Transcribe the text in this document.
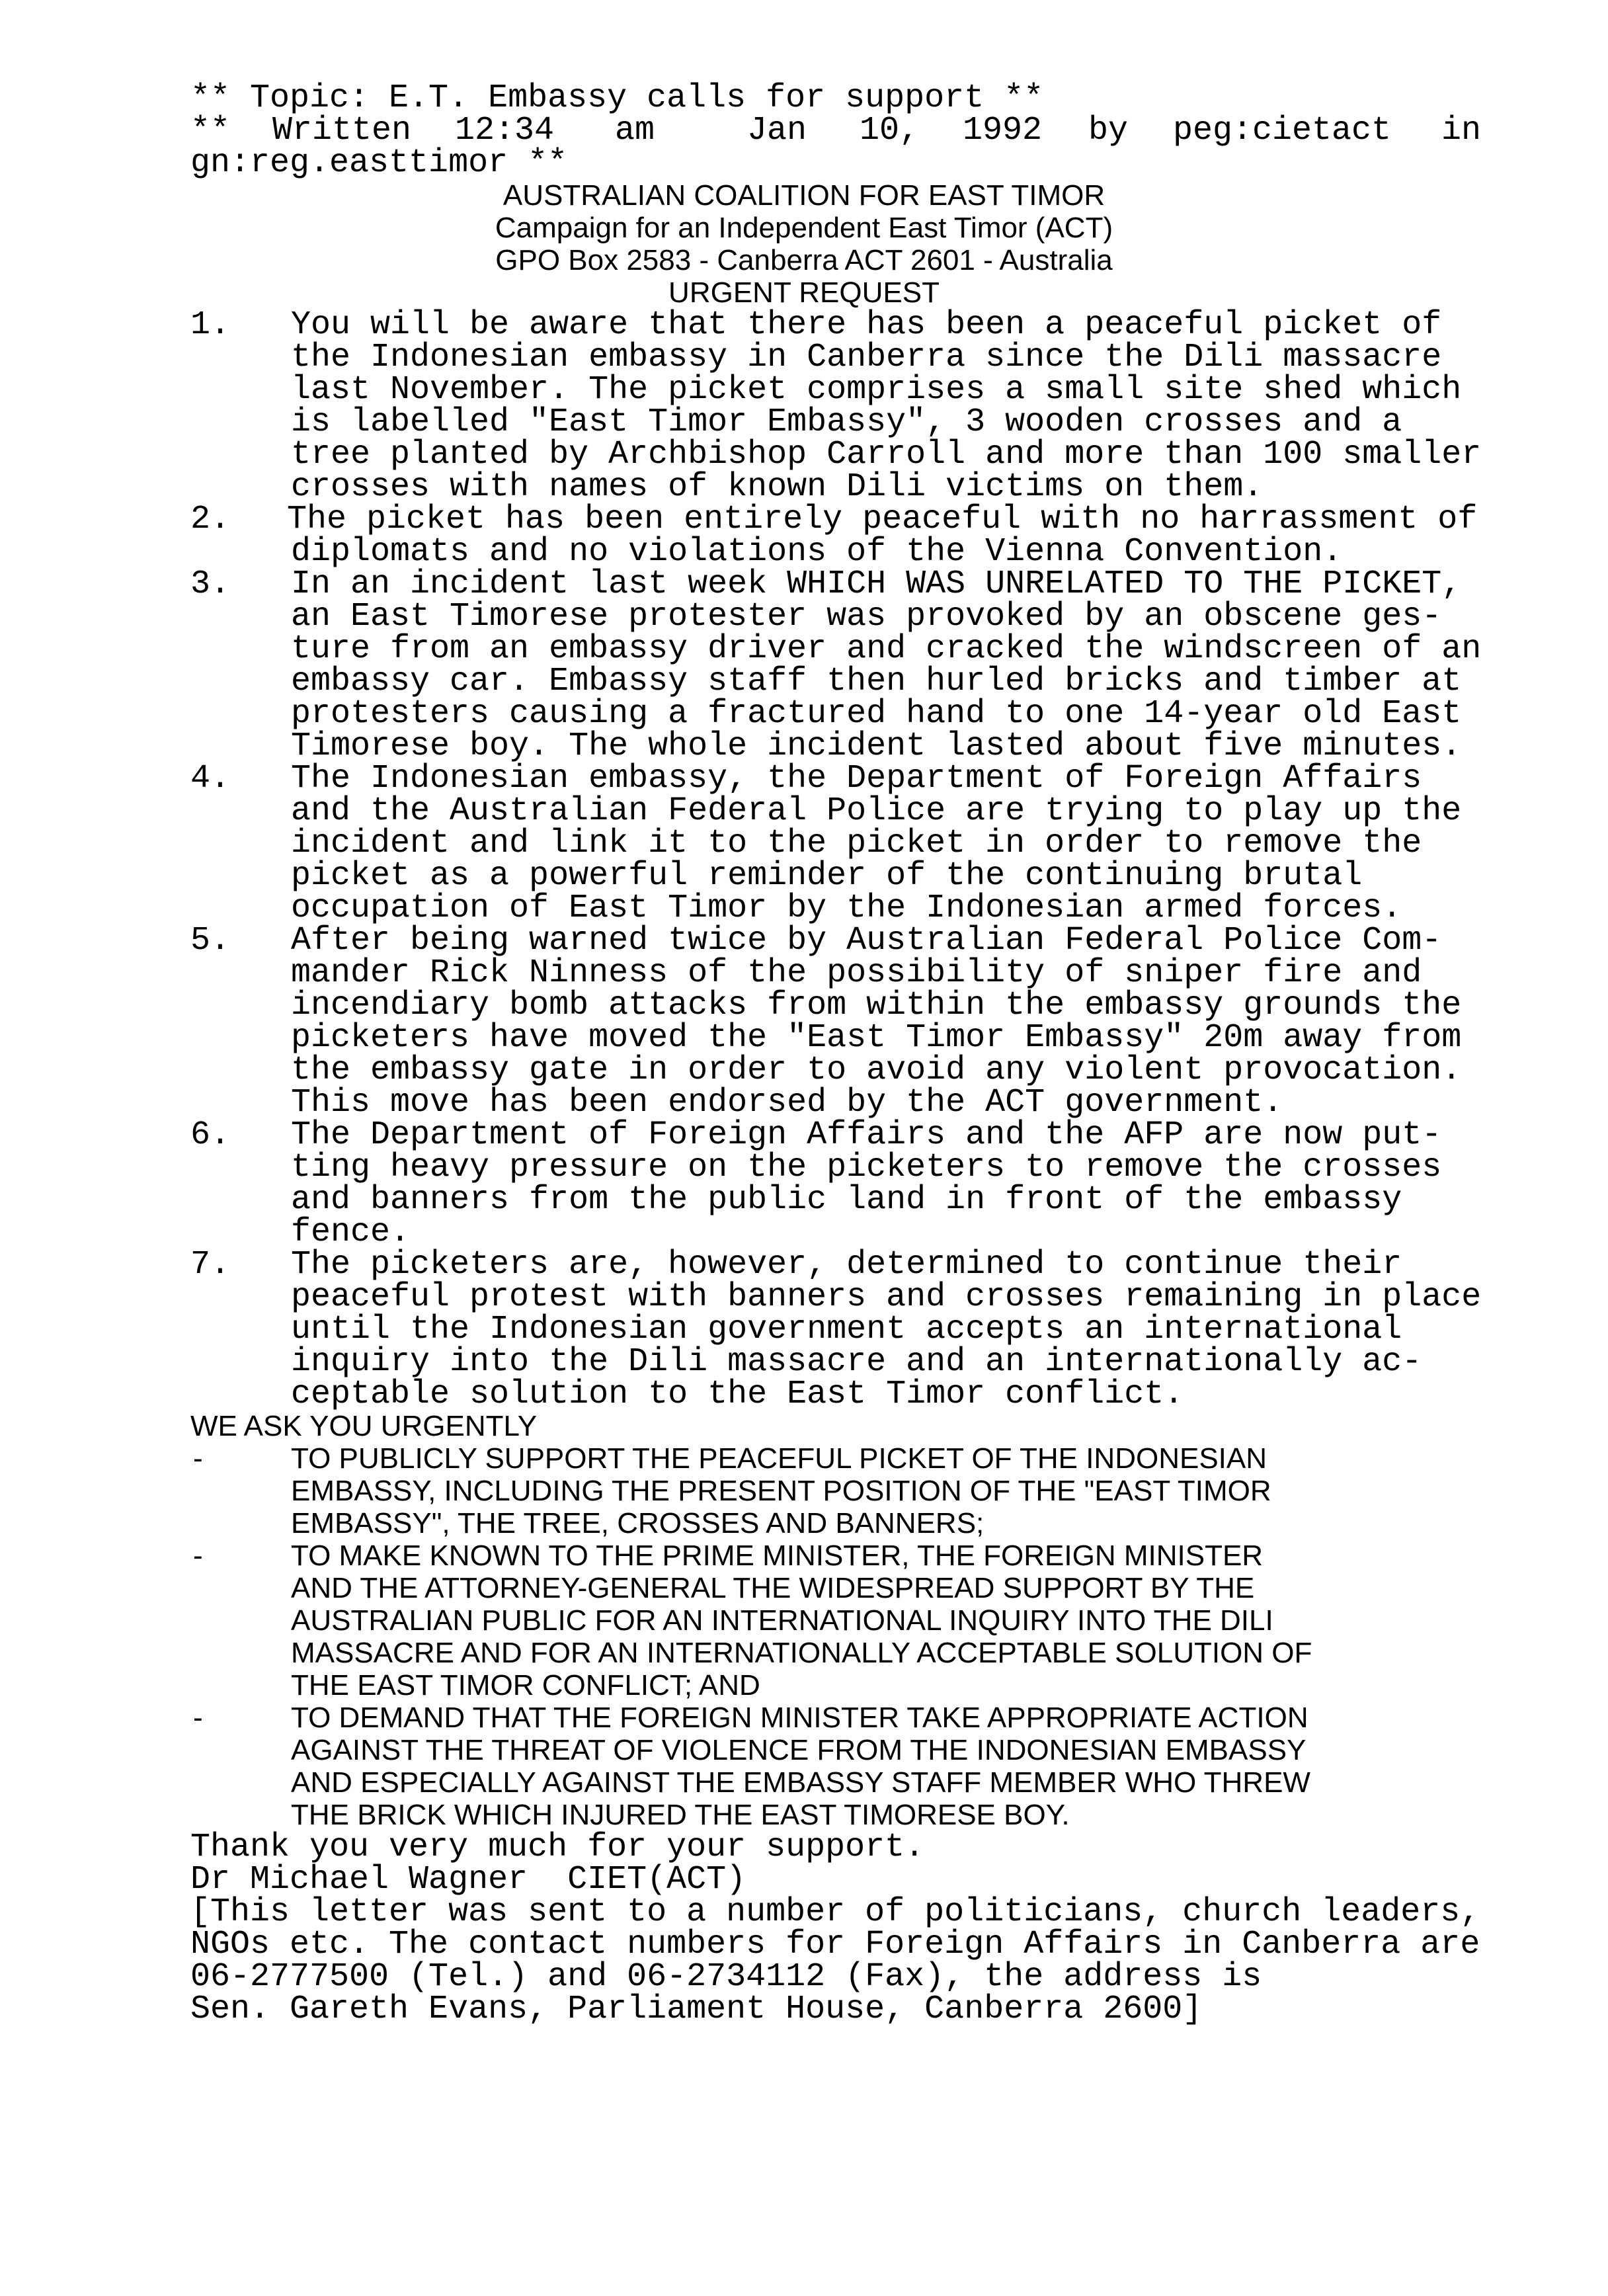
** Topic: E.T. Embassy calls for support **
** Written 12:34 am	Jan 10, 1992 by peg:cietact in
gn:reg.easttimor **
AUSTRALIAN COALITION FOR EAST TIMOR
Campaign for an Independent East Timor (ACT)
GPO Box 2583 - Canberra ACT 2601 - Australia
URGENT REQUEST
1. You will be aware that there has been a peaceful picket of
the Indonesian embassy in Canberra since the Dili massacre
last November. The picket comprises a small site shed which
is labelled "East Timor Embassy", 3 wooden crosses and a
tree planted by Archbishop Carroll and more than 100 smaller
crosses with names of known Dili victims on them.
2. The picket has been entirely peaceful with no harrassment of
diplomats and no violations of the Vienna Convention.
3. In an incident last week WHICH WAS UNRELATED TO THE PICKET,
an East Timorese protester was provoked by an obscene ges-
ture from an embassy driver and cracked the windscreen of an
embassy car. Embassy staff then hurled bricks and timber at
protesters causing a fractured hand to one 14-year old East
Timorese boy. The whole incident lasted about five minutes.
4. The Indonesian embassy, the Department of Foreign Affairs
and the Australian Federal Police are trying to play up the
incident and link it to the picket in order to remove the
picket as a powerful reminder of the continuing brutal
occupation of East Timor by the Indonesian armed forces.
5. After being warned twice by Australian Federal Police Com-
mander Rick Ninness of the possibility of sniper fire and
incendiary bomb attacks from within the embassy grounds the
picketers have moved the "East Timor Embassy" 20m away from
the embassy gate in order to avoid any violent provocation.
This move has been endorsed by the ACT government.
6. The Department of Foreign Affairs and the AFP are now put-
ting heavy pressure on the picketers to remove the crosses
and banners from the public land in front of the embassy
fence.
7. The picketers are, however, determined to continue their
peaceful protest with banners and crosses remaining in place
until the Indonesian government accepts an international
inquiry into the Dili massacre and an internationally ac-
ceptable solution to the East Timor conflict.
WE ASK YOU URGENTLY
-	TO PUBLICLY SUPPORT THE PEACEFUL PICKET OF THE INDONESIAN
EMBASSY, INCLUDING THE PRESENT POSITION OF THE "EAST TIMOR
EMBASSY", THE TREE, CROSSES AND BANNERS;
-	TO MAKE KNOWN TO THE PRIME MINISTER, THE FOREIGN MINISTER
AND THE ATTORNEY-GENERAL THE WIDESPREAD SUPPORT BY THE
AUSTRALIAN PUBLIC FOR AN INTERNATIONAL INQUIRY INTO THE DILI
MASSACRE AND FOR AN INTERNATIONALLY ACCEPTABLE SOLUTION OF
THE EAST TIMOR CONFLICT; AND
-	TO DEMAND THAT THE FOREIGN MINISTER TAKE APPROPRIATE ACTION
AGAINST THE THREAT OF VIOLENCE FROM THE INDONESIAN EMBASSY
AND ESPECIALLY AGAINST THE EMBASSY STAFF MEMBER WHO THREW
THE BRICK WHICH INJURED THE EAST TIMORESE BOY.
Thank you very much for your support.
Dr Michael Wagner  CIET(ACT)
[This letter was sent to a number of politicians, church leaders,
NGOs etc. The contact numbers for Foreign Affairs in Canberra are
06-2777500 (Tel.) and 06-2734112 (Fax), the address is
Sen. Gareth Evans, Parliament House, Canberra 2600]
